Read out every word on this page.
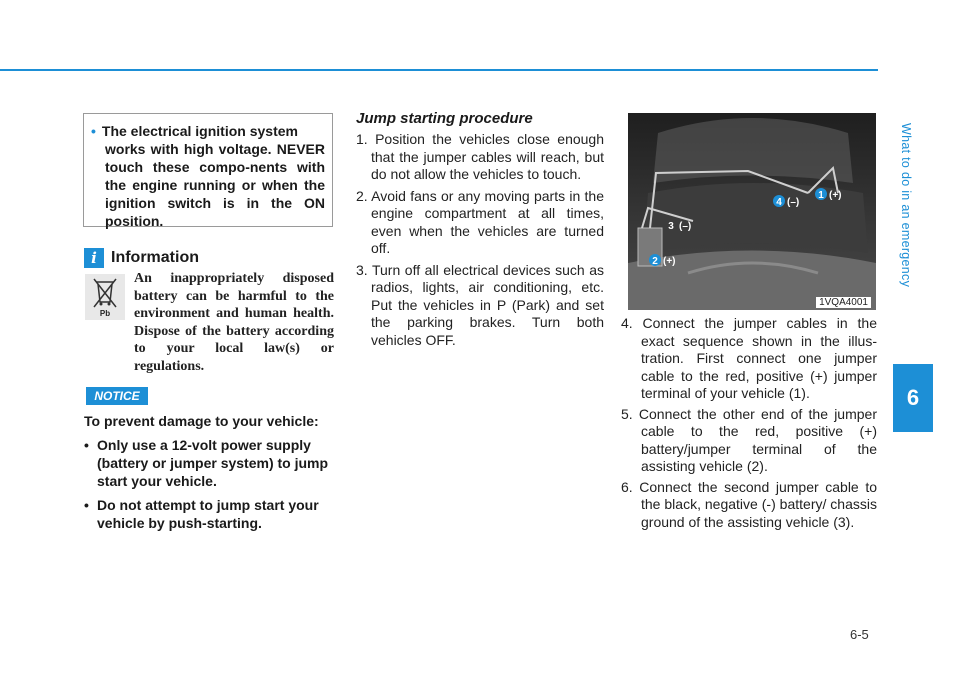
What to do in an emergency
6
• The electrical ignition system
works with high voltage. NEVER touch these compo-nents with the engine running or when the ignition switch is in the ON position.
i Information
Pb
An inappropriately disposed battery can be harmful to the environment and human health. Dispose of the battery according to your local law(s) or regulations.
NOTICE
To prevent damage to your vehicle:
• Only use a 12-volt power supply (battery or jumper system) to jump start your vehicle.
• Do not attempt to jump start your vehicle by push-starting.
Jump starting procedure
1. Position the vehicles close enough that the jumper cables will reach, but do not allow the vehicles to touch.
2. Avoid fans or any moving parts in the engine compartment at all times, even when the vehicles are turned off.
3. Turn off all electrical devices such as radios, lights, air conditioning, etc. Put the vehicles in P (Park) and set the parking brakes. Turn both vehicles OFF.
1 (+)
2 (+)
3 (–)
4 (–)
1VQA4001
4. Connect the jumper cables in the exact sequence shown in the illus-tration. First connect one jumper cable to the red, positive (+) jumper terminal of your vehicle (1).
5. Connect the other end of the jumper cable to the red, positive (+) battery/jumper terminal of the assisting vehicle (2).
6. Connect the second jumper cable to the black, negative (-) battery/ chassis ground of the assisting vehicle (3).
6-5
